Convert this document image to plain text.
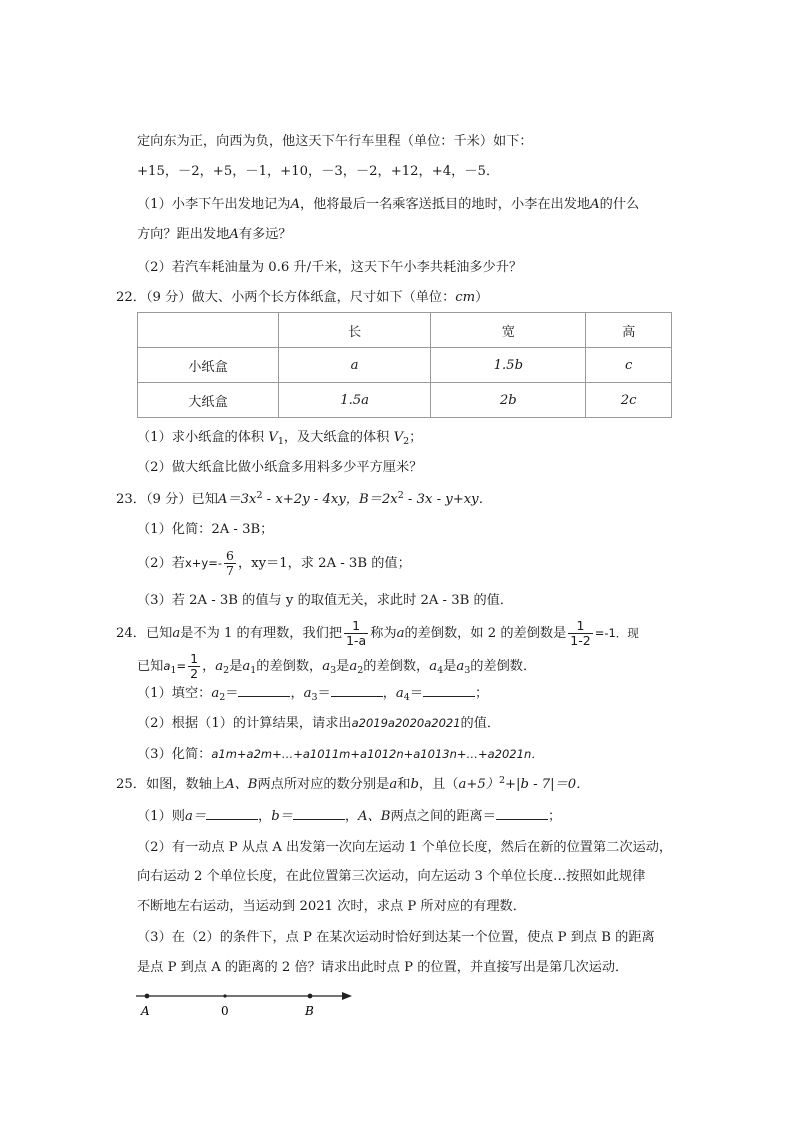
定向东为正，向西为负，他这天下午行车里程（单位：千米）如下：
+15，－2，+5，－1，+10，－3，－2，+12，+4，－5．
（1）小李下午出发地记为A，他将最后一名乘客送抵目的地时，小李在出发地A的什么
方向？距出发地A有多远？
（2）若汽车耗油量为 0.6 升/千米，这天下午小李共耗油多少升？
22．（9 分）做大、小两个长方体纸盒，尺寸如下（单位：cm）
	长	宽	高
小纸盒	a	1.5b	c
大纸盒	1.5a	2b	2c
（1）求小纸盒的体积 $V_1$，及大纸盒的体积 $V_2$；
（2）做大纸盒比做小纸盒多用料多少平方厘米？
23．（9 分）已知$A=3x^2 - x+2y - 4xy$，$B=2x^2 - 3x - y+xy$．
（1）化简：2A - 3B；
（2）若$x+y=- \frac{6}{7}$ ，xy＝1，求 2A - 3B 的值；
（3）若 2A - 3B 的值与 y 的取值无关，求此时 2A - 3B 的值．
24．已知a是不为 1 的有理数，我们把 $\frac{1}{1-a}$ 称为a的差倒数，如 2 的差倒数是 $\frac{1}{1-2} =-1$．现
已知$a_1= \frac{1}{2}$ ，$a_2$是$a_1$的差倒数，$a_3$是$a_2$的差倒数，$a_4$是$a_3$的差倒数．
（1）填空：$a_2=$	，$a_3=$	，$a_4=$	；
（2）根据（1）的计算结果，请求出a2019a2020a2021的值．
（3）化简：a1m+a2m+…+a1011m+a1012n+a1013n+…+a2021n．
25．如图，数轴上A、B两点所对应的数分别是a和b，且$(a+5)^2+|b - 7|=0$．
（1）则a＝	，b＝	，A、B两点之间的距离＝	；
（2）有一动点 P 从点 A 出发第一次向左运动 1 个单位长度，然后在新的位置第二次运动，
向右运动 2 个单位长度，在此位置第三次运动，向左运动 3 个单位长度…按照如此规律
不断地左右运动，当运动到 2021 次时，求点 P 所对应的有理数．
（3）在（2）的条件下，点 P 在某次运动时恰好到达某一个位置，使点 P 到点 B 的距离
是点 P 到点 A 的距离的 2 倍？请求出此时点 P 的位置，并直接写出是第几次运动．
A	0	B
